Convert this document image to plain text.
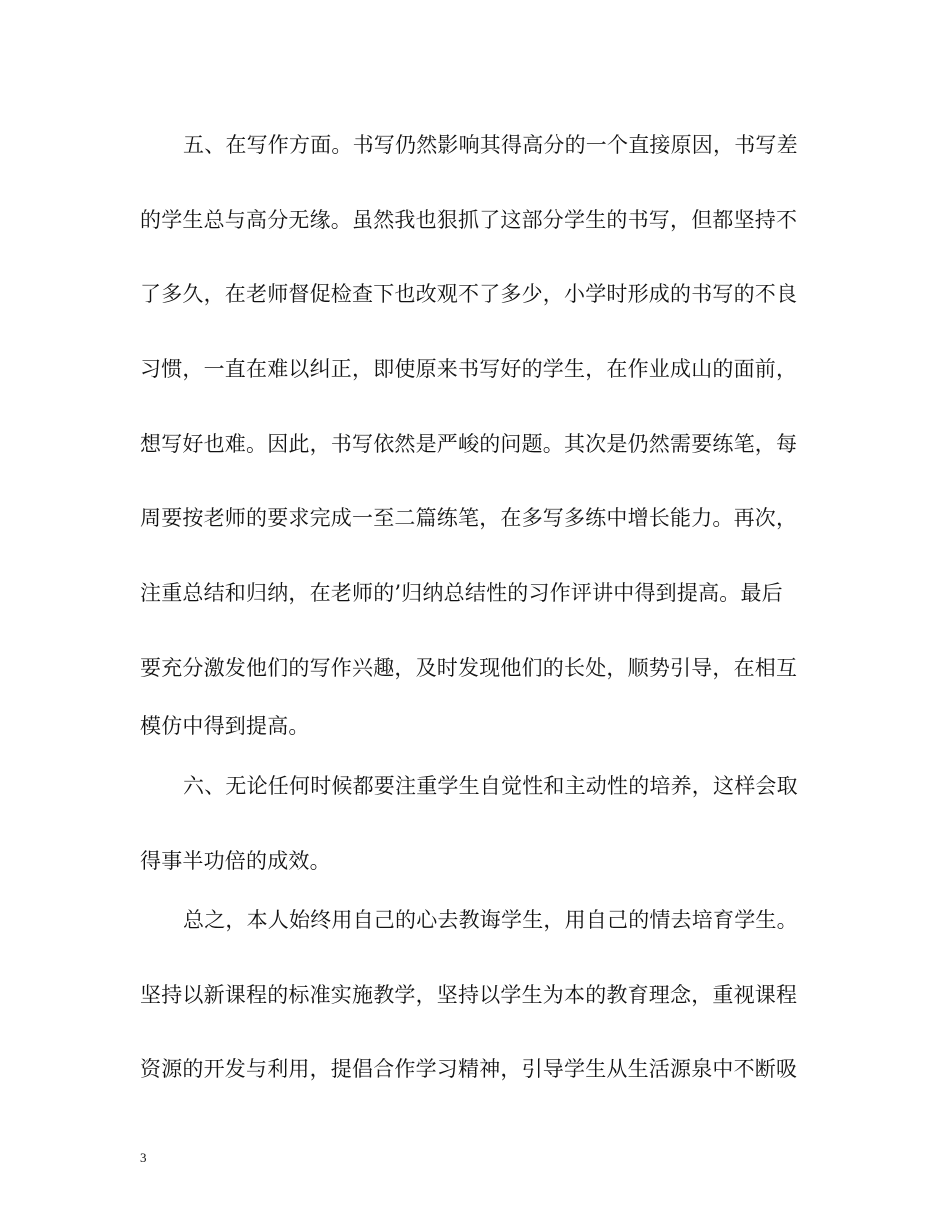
五、在写作方面。书写仍然影响其得高分的一个直接原因，书写差
的学生总与高分无缘。虽然我也狠抓了这部分学生的书写，但都坚持不
了多久，在老师督促检查下也改观不了多少，小学时形成的书写的不良
习惯，一直在难以纠正，即使原来书写好的学生，在作业成山的面前，
想写好也难。因此，书写依然是严峻的问题。其次是仍然需要练笔，每
周要按老师的要求完成一至二篇练笔，在多写多练中增长能力。再次，
注重总结和归纳，在老师的’归纳总结性的习作评讲中得到提高。最后
要充分激发他们的写作兴趣，及时发现他们的长处，顺势引导，在相互
模仿中得到提高。
六、无论任何时候都要注重学生自觉性和主动性的培养，这样会取
得事半功倍的成效。
总之，本人始终用自己的心去教诲学生，用自己的情去培育学生。
坚持以新课程的标准实施教学，坚持以学生为本的教育理念，重视课程
资源的开发与利用，提倡合作学习精神，引导学生从生活源泉中不断吸
3
